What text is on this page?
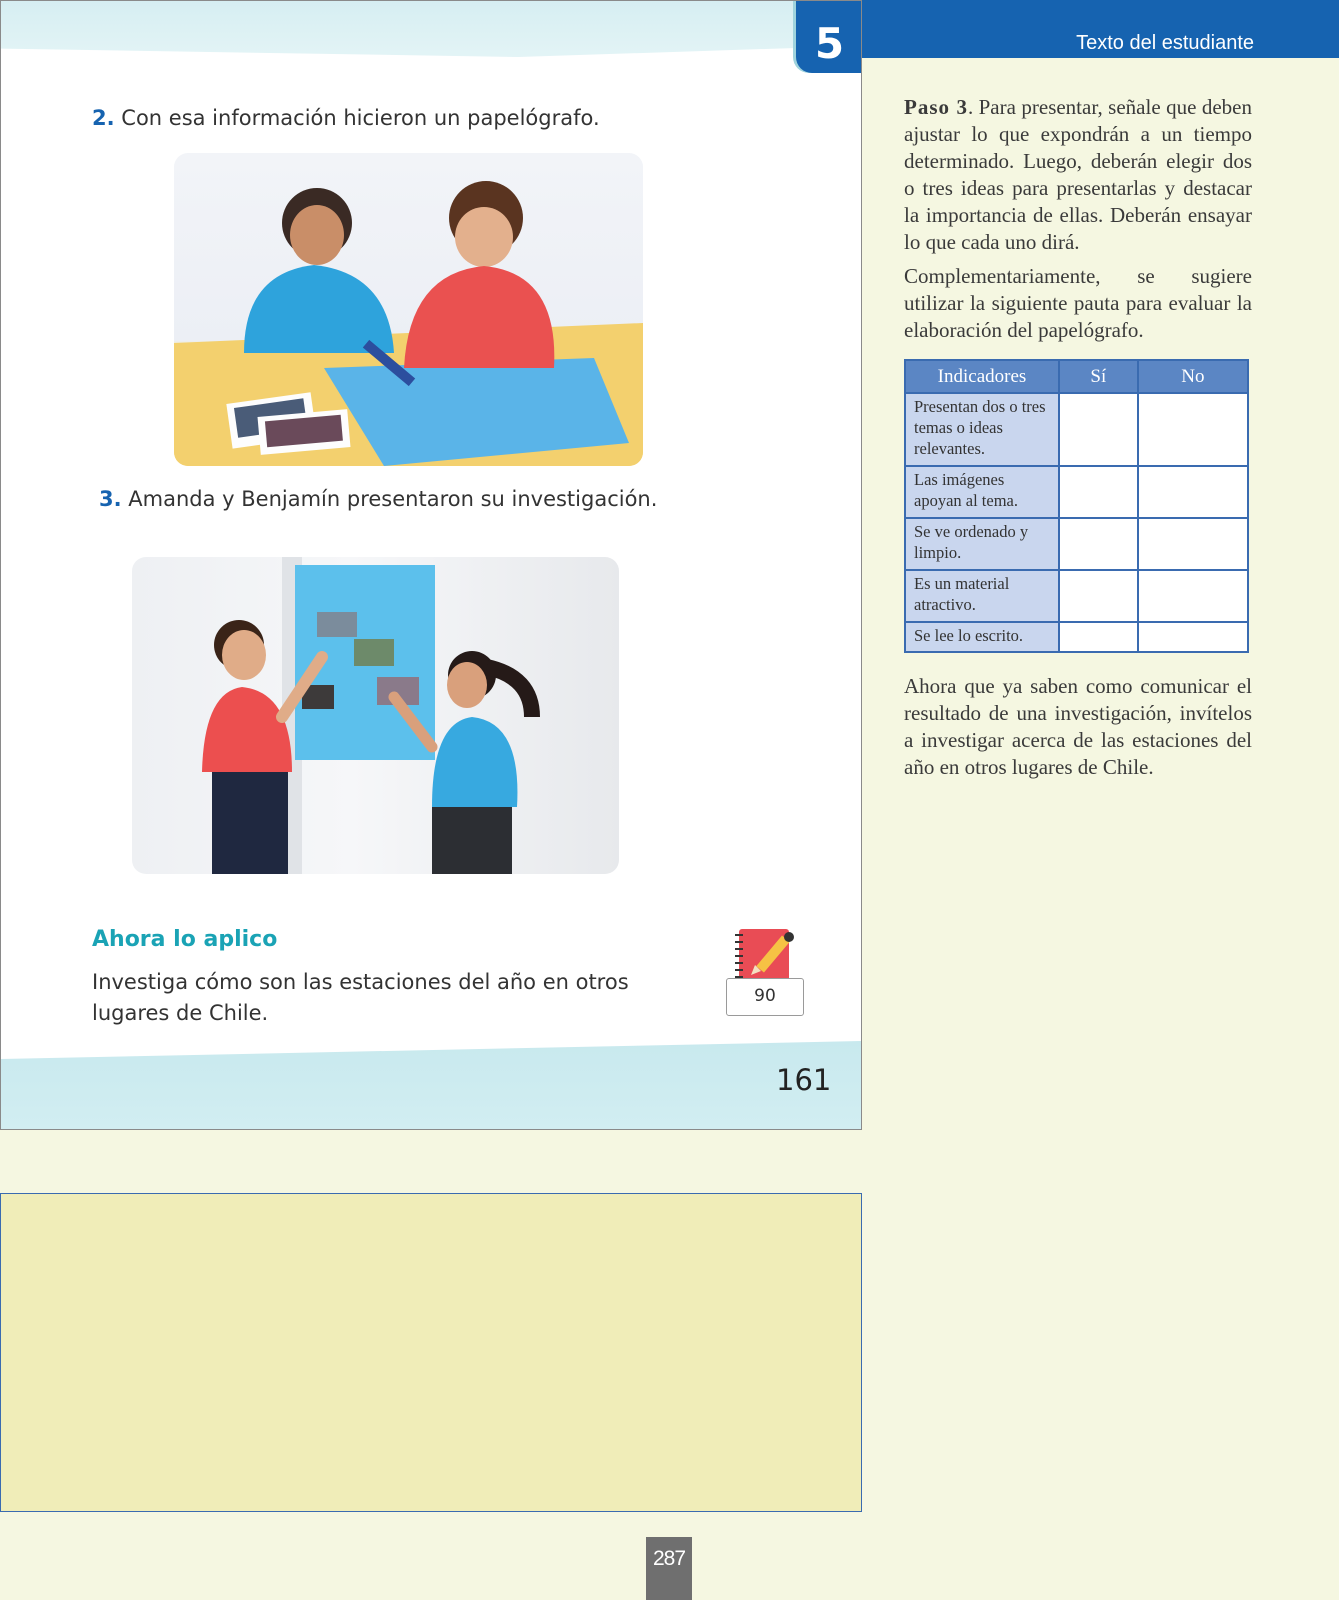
5
2. Con esa información hicieron un papelógrafo.
3. Amanda y Benjamín presentaron su investigación.
Ahora lo aplico
Investiga cómo son las estaciones del año en otros lugares de Chile.
90
161
Texto del estudiante

Paso 3. Para presentar, señale que deben ajustar lo que expondrán a un tiempo determinado. Luego, deberán elegir dos o tres ideas para presentarlas y destacar la importancia de ellas. Deberán ensayar lo que cada uno dirá.

Complementariamente, se sugiere utilizar la siguiente pauta para evaluar la elaboración del papelógrafo.

Indicadores	Sí	No
Presentan dos o tres temas o ideas relevantes.		
Las imágenes apoyan al tema.		
Se ve ordenado y limpio.		
Es un material atractivo.		
Se lee lo escrito.		

Ahora que ya saben como comunicar el resultado de una investigación, invítelos a investigar acerca de las estaciones del año en otros lugares de Chile.

287
